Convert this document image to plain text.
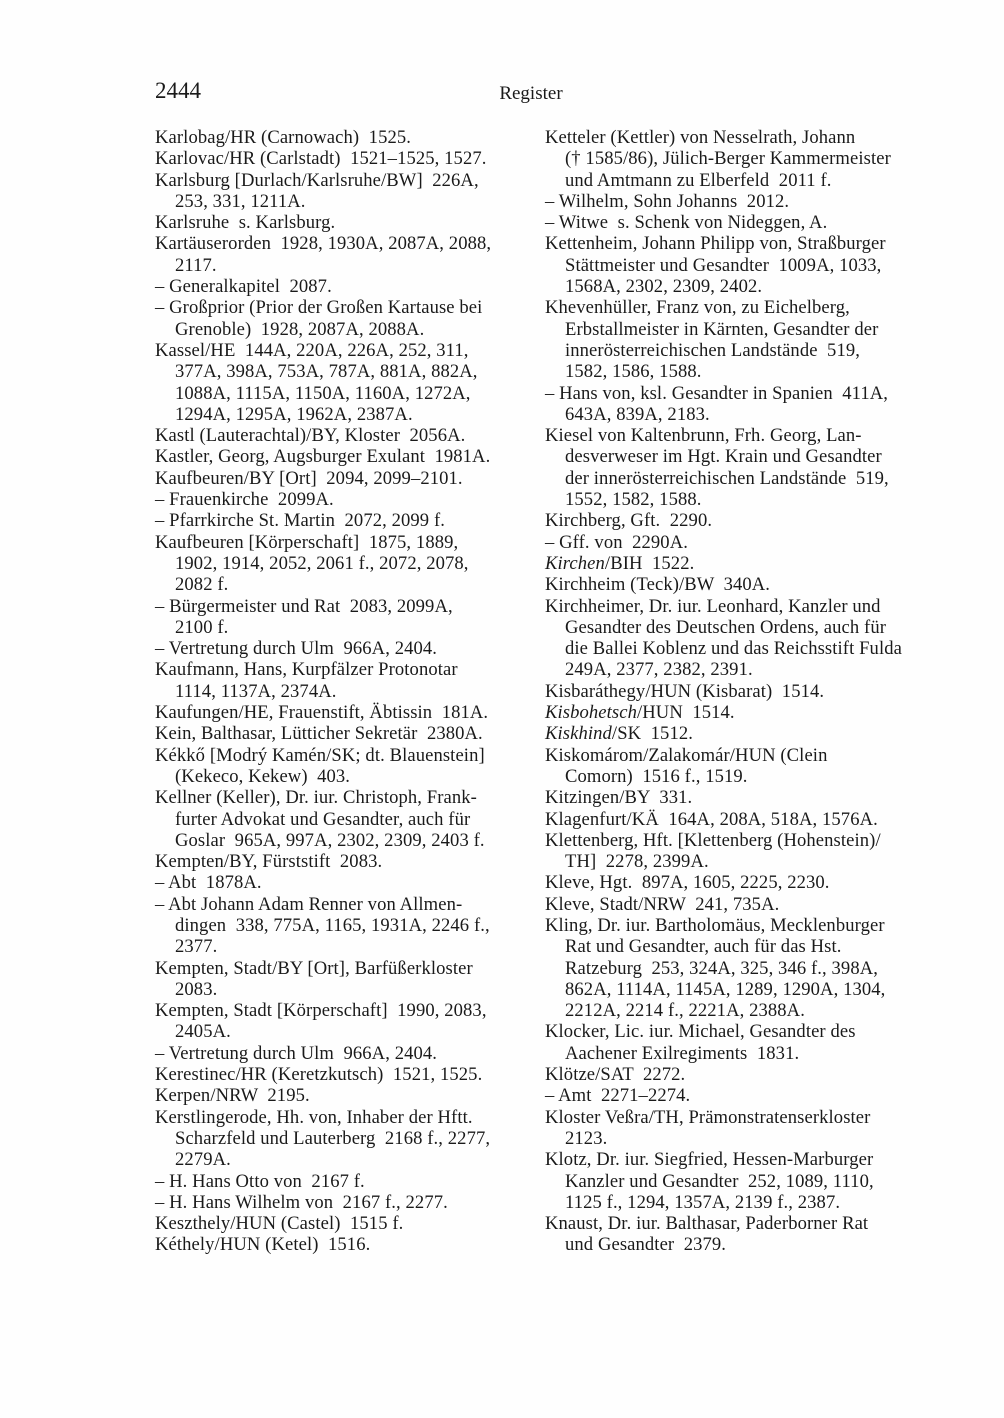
2444	Register
Karlobag/HR (Carnowach)  1525.
Karlovac/HR (Carlstadt)  1521–1525, 1527.
Karlsburg [Durlach/Karlsruhe/BW]  226A,
253, 331, 1211A.
Karlsruhe  s. Karlsburg.
Kartäuserorden  1928, 1930A, 2087A, 2088,
2117.
– Generalkapitel  2087.
– Großprior (Prior der Großen Kartause bei
Grenoble)  1928, 2087A, 2088A.
Kassel/HE  144A, 220A, 226A, 252, 311,
377A, 398A, 753A, 787A, 881A, 882A,
1088A, 1115A, 1150A, 1160A, 1272A,
1294A, 1295A, 1962A, 2387A.
Kastl (Lauterachtal)/BY, Kloster  2056A.
Kastler, Georg, Augsburger Exulant  1981A.
Kaufbeuren/BY [Ort]  2094, 2099–2101.
– Frauenkirche  2099A.
– Pfarrkirche St. Martin  2072, 2099 f.
Kaufbeuren [Körperschaft]  1875, 1889,
1902, 1914, 2052, 2061 f., 2072, 2078,
2082 f.
– Bürgermeister und Rat  2083, 2099A,
2100 f.
– Vertretung durch Ulm  966A, 2404.
Kaufmann, Hans, Kurpfälzer Protonotar
1114, 1137A, 2374A.
Kaufungen/HE, Frauenstift, Äbtissin  181A.
Kein, Balthasar, Lütticher Sekretär  2380A.
Kékkő [Modrý Kamén/SK; dt. Blauenstein]
(Kekeco, Kekew)  403.
Kellner (Keller), Dr. iur. Christoph, Frank-
furter Advokat und Gesandter, auch für
Goslar  965A, 997A, 2302, 2309, 2403 f.
Kempten/BY, Fürststift  2083.
– Abt  1878A.
– Abt Johann Adam Renner von Allmen-
dingen  338, 775A, 1165, 1931A, 2246 f.,
2377.
Kempten, Stadt/BY [Ort], Barfüßerkloster
2083.
Kempten, Stadt [Körperschaft]  1990, 2083,
2405A.
– Vertretung durch Ulm  966A, 2404.
Kerestinec/HR (Keretzkutsch)  1521, 1525.
Kerpen/NRW  2195.
Kerstlingerode, Hh. von, Inhaber der Hftt.
Scharzfeld und Lauterberg  2168 f., 2277,
2279A.
– H. Hans Otto von  2167 f.
– H. Hans Wilhelm von  2167 f., 2277.
Keszthely/HUN (Castel)  1515 f.
Kéthely/HUN (Ketel)  1516.
Ketteler (Kettler) von Nesselrath, Johann
(† 1585/86), Jülich-Berger Kammermeister
und Amtmann zu Elberfeld  2011 f.
– Wilhelm, Sohn Johanns  2012.
– Witwe  s. Schenk von Nideggen, A.
Kettenheim, Johann Philipp von, Straßburger
Stättmeister und Gesandter  1009A, 1033,
1568A, 2302, 2309, 2402.
Khevenhüller, Franz von, zu Eichelberg,
Erbstallmeister in Kärnten, Gesandter der
innerösterreichischen Landstände  519,
1582, 1586, 1588.
– Hans von, ksl. Gesandter in Spanien  411A,
643A, 839A, 2183.
Kiesel von Kaltenbrunn, Frh. Georg, Lan-
desverweser im Hgt. Krain und Gesandter
der innerösterreichischen Landstände  519,
1552, 1582, 1588.
Kirchberg, Gft.  2290.
– Gff. von  2290A.
Kirchen/BIH  1522.
Kirchheim (Teck)/BW  340A.
Kirchheimer, Dr. iur. Leonhard, Kanzler und
Gesandter des Deutschen Ordens, auch für
die Ballei Koblenz und das Reichsstift Fulda
249A, 2377, 2382, 2391.
Kisbaráthegy/HUN (Kisbarat)  1514.
Kisbohetsch/HUN  1514.
Kiskhind/SK  1512.
Kiskomárom/Zalakomár/HUN (Clein
Comorn)  1516 f., 1519.
Kitzingen/BY  331.
Klagenfurt/KÄ  164A, 208A, 518A, 1576A.
Klettenberg, Hft. [Klettenberg (Hohenstein)/
TH]  2278, 2399A.
Kleve, Hgt.  897A, 1605, 2225, 2230.
Kleve, Stadt/NRW  241, 735A.
Kling, Dr. iur. Bartholomäus, Mecklenburger
Rat und Gesandter, auch für das Hst.
Ratzeburg  253, 324A, 325, 346 f., 398A,
862A, 1114A, 1145A, 1289, 1290A, 1304,
2212A, 2214 f., 2221A, 2388A.
Klocker, Lic. iur. Michael, Gesandter des
Aachener Exilregiments  1831.
Klötze/SAT  2272.
– Amt  2271–2274.
Kloster Veßra/TH, Prämonstratenserkloster
2123.
Klotz, Dr. iur. Siegfried, Hessen-Marburger
Kanzler und Gesandter  252, 1089, 1110,
1125 f., 1294, 1357A, 2139 f., 2387.
Knaust, Dr. iur. Balthasar, Paderborner Rat
und Gesandter  2379.
